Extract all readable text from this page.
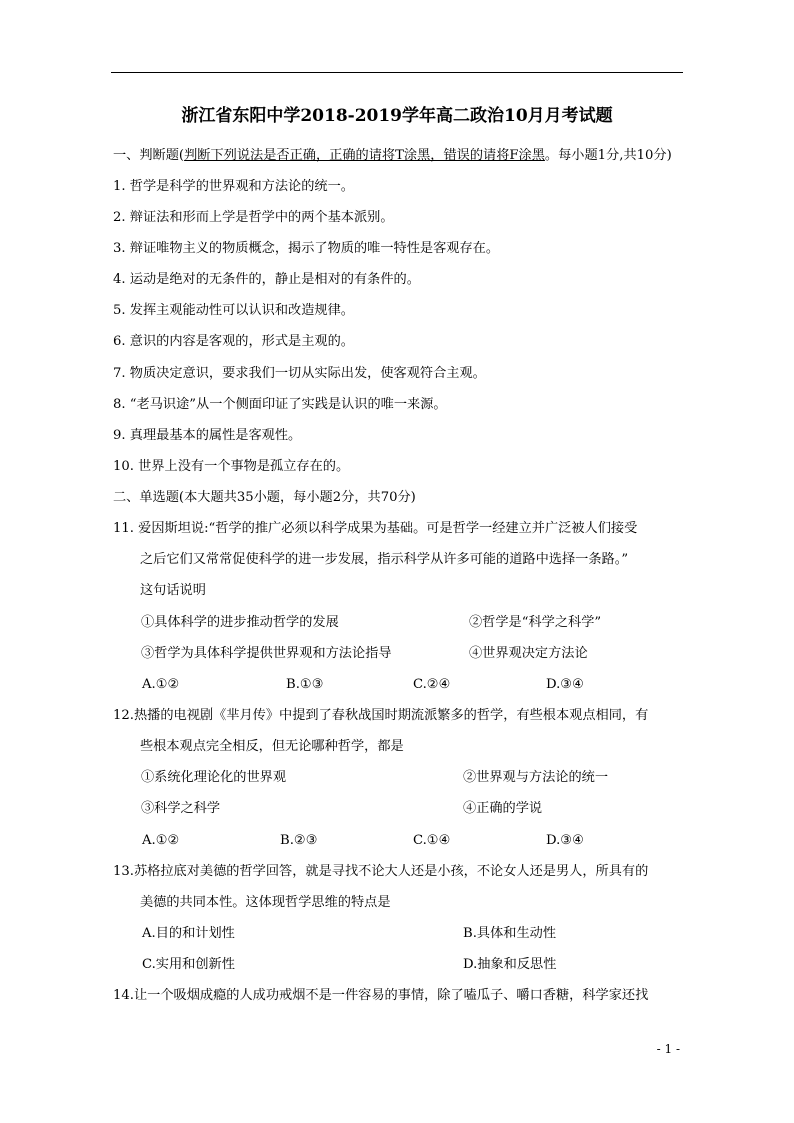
浙江省东阳中学2018-2019学年高二政治10月月考试题
一、判断题(判断下列说法是否正确，正确的请将T涂黑，错误的请将F涂黑。每小题1分,共10分)
1. 哲学是科学的世界观和方法论的统一。
2. 辩证法和形而上学是哲学中的两个基本派别。
3. 辩证唯物主义的物质概念，揭示了物质的唯一特性是客观存在。
4. 运动是绝对的无条件的，静止是相对的有条件的。
5. 发挥主观能动性可以认识和改造规律。
6. 意识的内容是客观的，形式是主观的。
7. 物质决定意识，要求我们一切从实际出发，使客观符合主观。
8. “老马识途”从一个侧面印证了实践是认识的唯一来源。
9. 真理最基本的属性是客观性。
10. 世界上没有一个事物是孤立存在的。
二、单选题(本大题共35小题，每小题2分，共70分)
11. 爱因斯坦说:“哲学的推广必须以科学成果为基础。可是哲学一经建立并广泛被人们接受
之后它们又常常促使科学的进一步发展，指示科学从许多可能的道路中选择一条路。”
这句话说明
①具体科学的进步推动哲学的发展	②哲学是“科学之科学”
③哲学为具体科学提供世界观和方法论指导	④世界观决定方法论
A.①②	B.①③	C.②④	D.③④
12.热播的电视剧《芈月传》中提到了春秋战国时期流派繁多的哲学，有些根本观点相同，有
些根本观点完全相反，但无论哪种哲学，都是
①系统化理论化的世界观	②世界观与方法论的统一
③科学之科学	④正确的学说
A.①②	B.②③	C.①④	D.③④
13.苏格拉底对美德的哲学回答，就是寻找不论大人还是小孩，不论女人还是男人，所具有的
美德的共同本性。这体现哲学思维的特点是
A.目的和计划性	B.具体和生动性
C.实用和创新性	D.抽象和反思性
14.让一个吸烟成瘾的人成功戒烟不是一件容易的事情，除了嗑瓜子、嚼口香糖，科学家还找
- 1 -
